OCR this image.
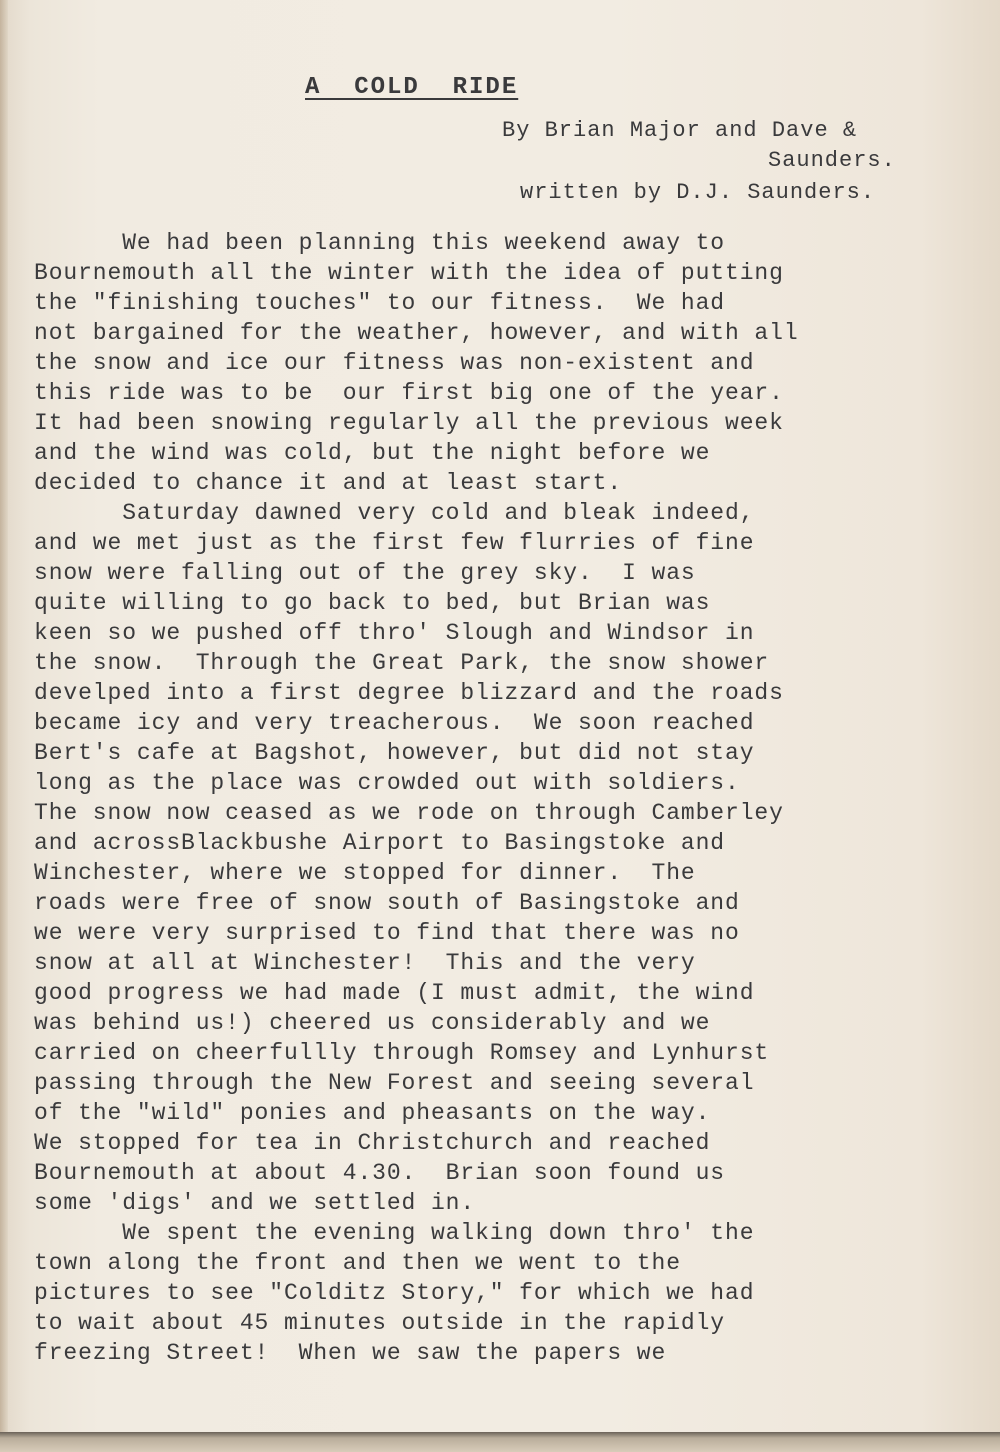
A  COLD  RIDE
By Brian Major and Dave &
Saunders.
written by D.J. Saunders.
We had been planning this weekend away to
Bournemouth all the winter with the idea of putting
the "finishing touches" to our fitness.  We had
not bargained for the weather, however, and with all
the snow and ice our fitness was non-existent and
this ride was to be  our first big one of the year.
It had been snowing regularly all the previous week
and the wind was cold, but the night before we
decided to chance it and at least start.
Saturday dawned very cold and bleak indeed,
and we met just as the first few flurries of fine
snow were falling out of the grey sky.  I was
quite willing to go back to bed, but Brian was
keen so we pushed off thro' Slough and Windsor in
the snow.  Through the Great Park, the snow shower
develped into a first degree blizzard and the roads
became icy and very treacherous.  We soon reached
Bert's cafe at Bagshot, however, but did not stay
long as the place was crowded out with soldiers.
The snow now ceased as we rode on through Camberley
and acrossBlackbushe Airport to Basingstoke and
Winchester, where we stopped for dinner.  The
roads were free of snow south of Basingstoke and
we were very surprised to find that there was no
snow at all at Winchester!  This and the very
good progress we had made (I must admit, the wind
was behind us!) cheered us considerably and we
carried on cheerfullly through Romsey and Lynhurst
passing through the New Forest and seeing several
of the "wild" ponies and pheasants on the way.
We stopped for tea in Christchurch and reached
Bournemouth at about 4.30.  Brian soon found us
some 'digs' and we settled in.
We spent the evening walking down thro' the
town along the front and then we went to the
pictures to see "Colditz Story," for which we had
to wait about 45 minutes outside in the rapidly
freezing Street!  When we saw the papers we
